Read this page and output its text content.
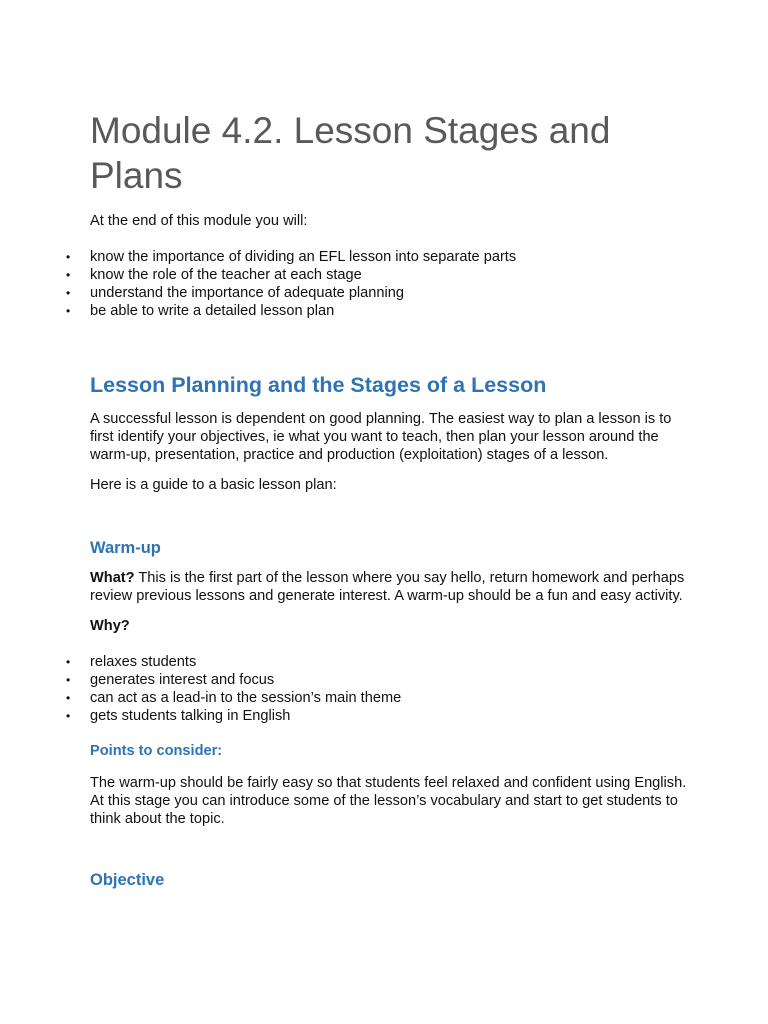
Module 4.2. Lesson Stages and Plans

At the end of this module you will:

• know the importance of dividing an EFL lesson into separate parts
• know the role of the teacher at each stage
• understand the importance of adequate planning
• be able to write a detailed lesson plan
Lesson Planning and the Stages of a Lesson

A successful lesson is dependent on good planning. The easiest way to plan a lesson is to first identify your objectives, ie what you want to teach, then plan your lesson around the warm-up, presentation, practice and production (exploitation) stages of a lesson.

Here is a guide to a basic lesson plan:

Warm-up

What? This is the first part of the lesson where you say hello, return homework and perhaps review previous lessons and generate interest. A warm-up should be a fun and easy activity.

Why?

• relaxes students
• generates interest and focus
• can act as a lead-in to the session’s main theme
• gets students talking in English
Points to consider:

The warm-up should be fairly easy so that students feel relaxed and confident using English. At this stage you can introduce some of the lesson’s vocabulary and start to get students to think about the topic.

Objective
